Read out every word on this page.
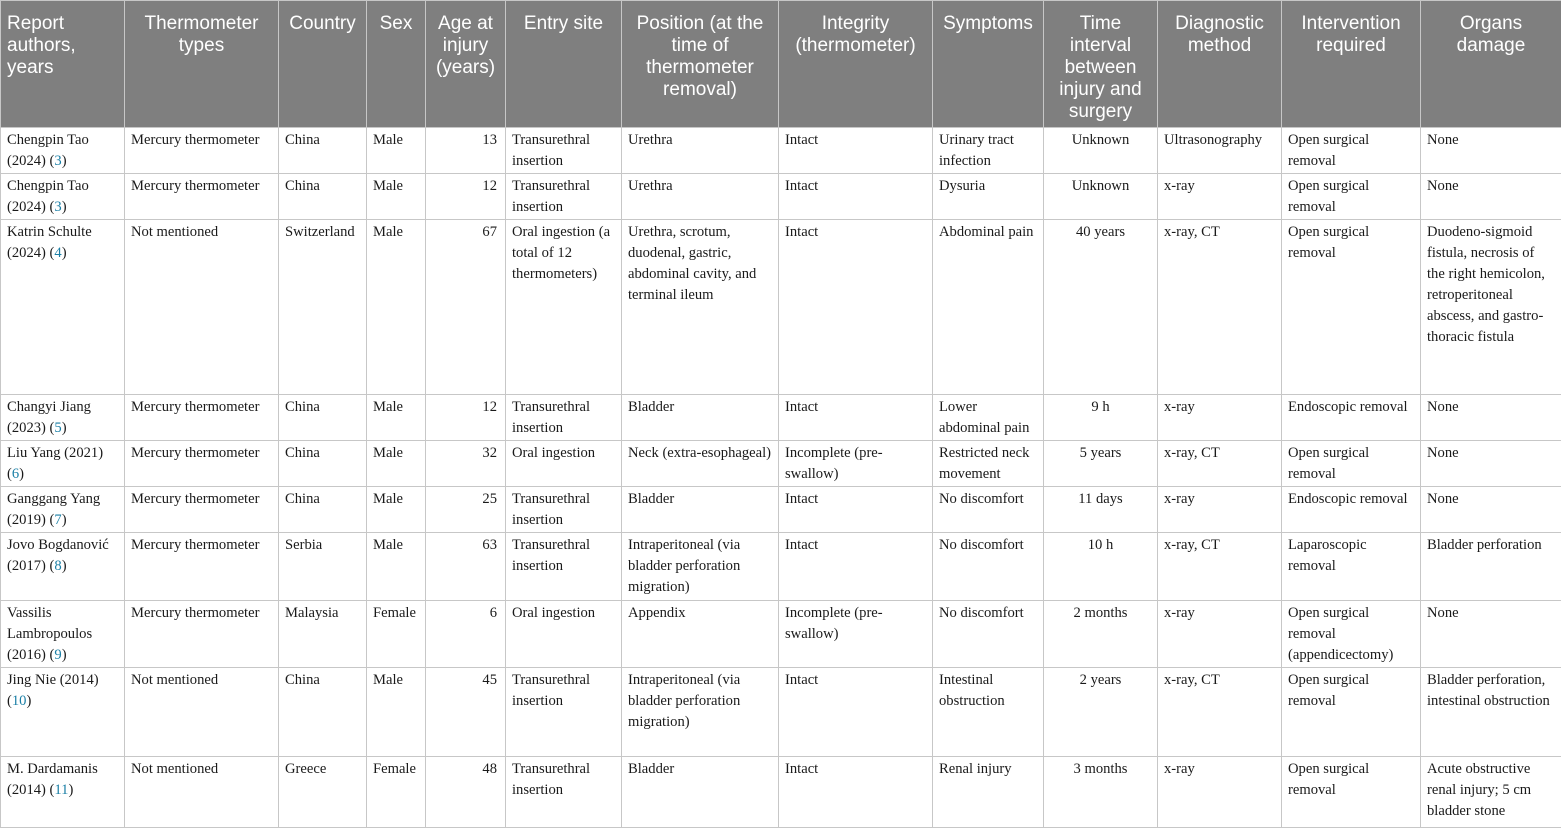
Report authors, years	Thermometer types	Country	Sex	Age at injury (years)	Entry site	Position (at the time of thermometer removal)	Integrity (thermometer)	Symptoms	Time interval between injury and surgery	Diagnostic method	Intervention required	Organs damage
Chengpin Tao (2024) (3)	Mercury thermometer	China	Male	13	Transurethral insertion	Urethra	Intact	Urinary tract infection	Unknown	Ultrasonography	Open surgical removal	None
Chengpin Tao (2024) (3)	Mercury thermometer	China	Male	12	Transurethral insertion	Urethra	Intact	Dysuria	Unknown	x-ray	Open surgical removal	None
Katrin Schulte (2024) (4)	Not mentioned	Switzerland	Male	67	Oral ingestion (a total of 12 thermometers)	Urethra, scrotum, duodenal, gastric, abdominal cavity, and terminal ileum	Intact	Abdominal pain	40 years	x-ray, CT	Open surgical removal	Duodeno-sigmoid fistula, necrosis of the right hemicolon, retroperitoneal abscess, and gastro-thoracic fistula
Changyi Jiang (2023) (5)	Mercury thermometer	China	Male	12	Transurethral insertion	Bladder	Intact	Lower abdominal pain	9 h	x-ray	Endoscopic removal	None
Liu Yang (2021) (6)	Mercury thermometer	China	Male	32	Oral ingestion	Neck (extra-esophageal)	Incomplete (pre-swallow)	Restricted neck movement	5 years	x-ray, CT	Open surgical removal	None
Ganggang Yang (2019) (7)	Mercury thermometer	China	Male	25	Transurethral insertion	Bladder	Intact	No discomfort	11 days	x-ray	Endoscopic removal	None
Jovo Bogdanović (2017) (8)	Mercury thermometer	Serbia	Male	63	Transurethral insertion	Intraperitoneal (via bladder perforation migration)	Intact	No discomfort	10 h	x-ray, CT	Laparoscopic removal	Bladder perforation
Vassilis Lambropoulos (2016) (9)	Mercury thermometer	Malaysia	Female	6	Oral ingestion	Appendix	Incomplete (pre-swallow)	No discomfort	2 months	x-ray	Open surgical removal (appendicectomy)	None
Jing Nie (2014) (10)	Not mentioned	China	Male	45	Transurethral insertion	Intraperitoneal (via bladder perforation migration)	Intact	Intestinal obstruction	2 years	x-ray, CT	Open surgical removal	Bladder perforation, intestinal obstruction
M. Dardamanis (2014) (11)	Not mentioned	Greece	Female	48	Transurethral insertion	Bladder	Intact	Renal injury	3 months	x-ray	Open surgical removal	Acute obstructive renal injury; 5 cm bladder stone
